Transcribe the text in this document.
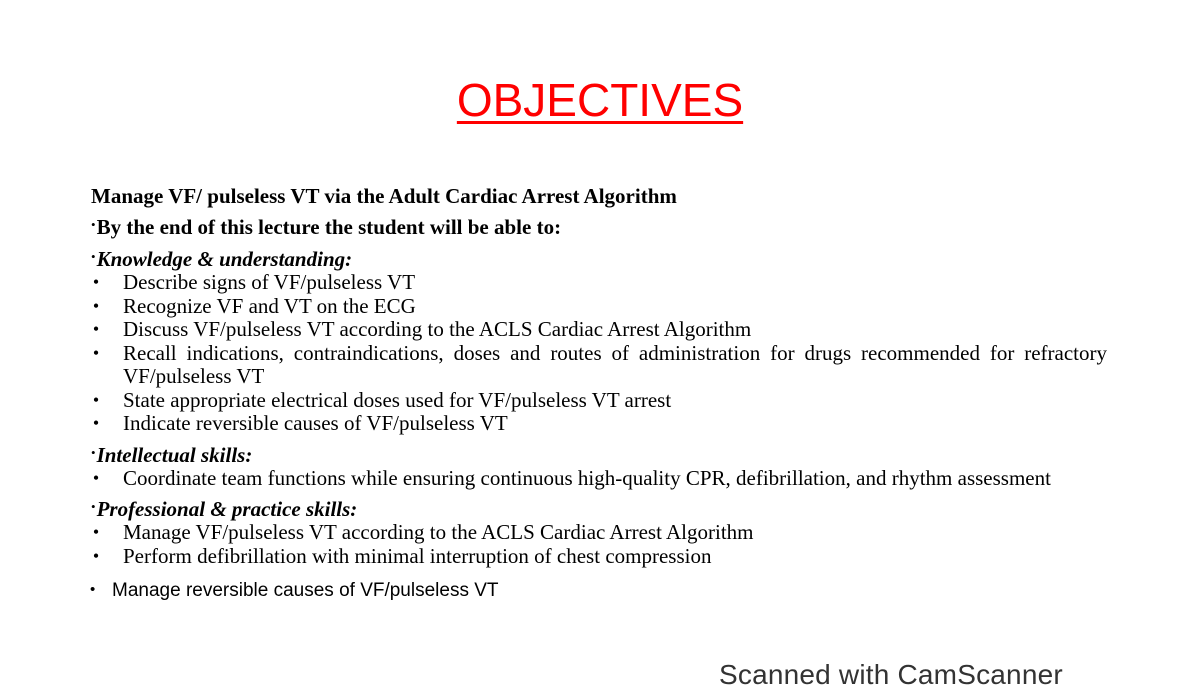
OBJECTIVES
Manage VF/ pulseless VT via the Adult Cardiac Arrest Algorithm
•By the end of this lecture the student will be able to:
•Knowledge & understanding:
• Describe signs of VF/pulseless VT
• Recognize VF and VT on the ECG
• Discuss VF/pulseless VT according to the ACLS Cardiac Arrest Algorithm
• Recall indications, contraindications, doses and routes of administration for drugs recommended for refractory VF/pulseless VT
• State appropriate electrical doses used for VF/pulseless VT arrest
• Indicate reversible causes of VF/pulseless VT
•Intellectual skills:
• Coordinate team functions while ensuring continuous high-quality CPR, defibrillation, and rhythm assessment
•Professional & practice skills:
• Manage VF/pulseless VT according to the ACLS Cardiac Arrest Algorithm
• Perform defibrillation with minimal interruption of chest compression
• Manage reversible causes of VF/pulseless VT
Scanned with CamScanner
